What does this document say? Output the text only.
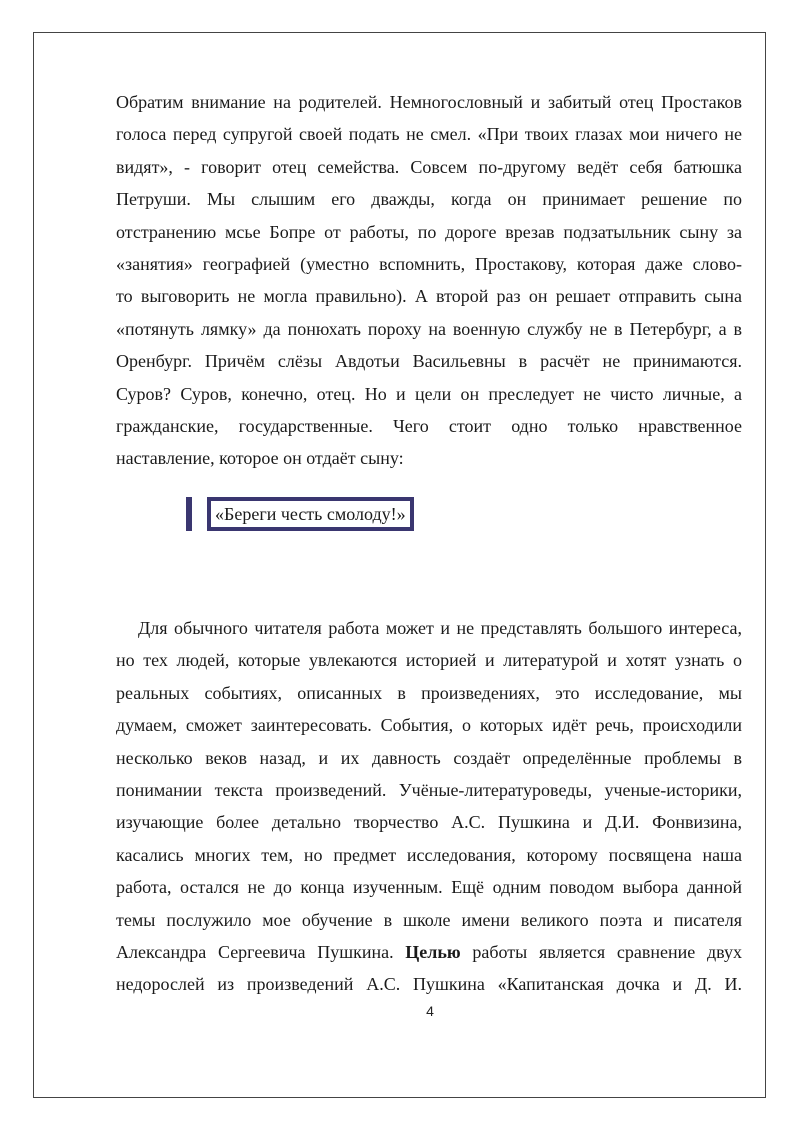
Обратим внимание на родителей. Немногословный и забитый отец Простаков
голоса перед супругой своей подать не смел. «При твоих глазах мои ничего не
видят», - говорит отец семейства. Совсем по-другому ведёт себя батюшка
Петруши. Мы слышим его дважды, когда он принимает решение по
отстранению мсье Бопре от работы, по дороге врезав подзатыльник сыну за
«занятия» географией (уместно вспомнить, Простакову, которая даже слово-
то выговорить не могла правильно). А второй раз он решает отправить сына
«потянуть лямку» да понюхать пороху на военную службу не в Петербург, а в
Оренбург. Причём слёзы Авдотьи Васильевны в расчёт не принимаются.
Суров? Суров, конечно, отец. Но и цели он преследует не чисто личные, а
гражданские, государственные. Чего стоит одно только нравственное
наставление, которое он отдаёт сыну:
«Береги честь смолоду!»
Для обычного читателя работа может и не представлять большого интереса,
но тех людей, которые увлекаются историей и литературой и хотят узнать о
реальных событиях, описанных в произведениях, это исследование, мы
думаем, сможет заинтересовать. События, о которых идёт речь, происходили
несколько веков назад, и их давность создаёт определённые проблемы в
понимании текста произведений. Учёные-литературоведы, ученые-историки,
изучающие более детально творчество А.С. Пушкина и Д.И. Фонвизина,
касались многих тем, но предмет исследования, которому посвящена наша
работа, остался не до конца изученным. Ещё одним поводом выбора данной
темы послужило мое обучение в школе имени великого поэта и писателя
Александра Сергеевича Пушкина. Целью работы является сравнение двух
недорослей из произведений А.С. Пушкина «Капитанская дочка и Д. И.
4
